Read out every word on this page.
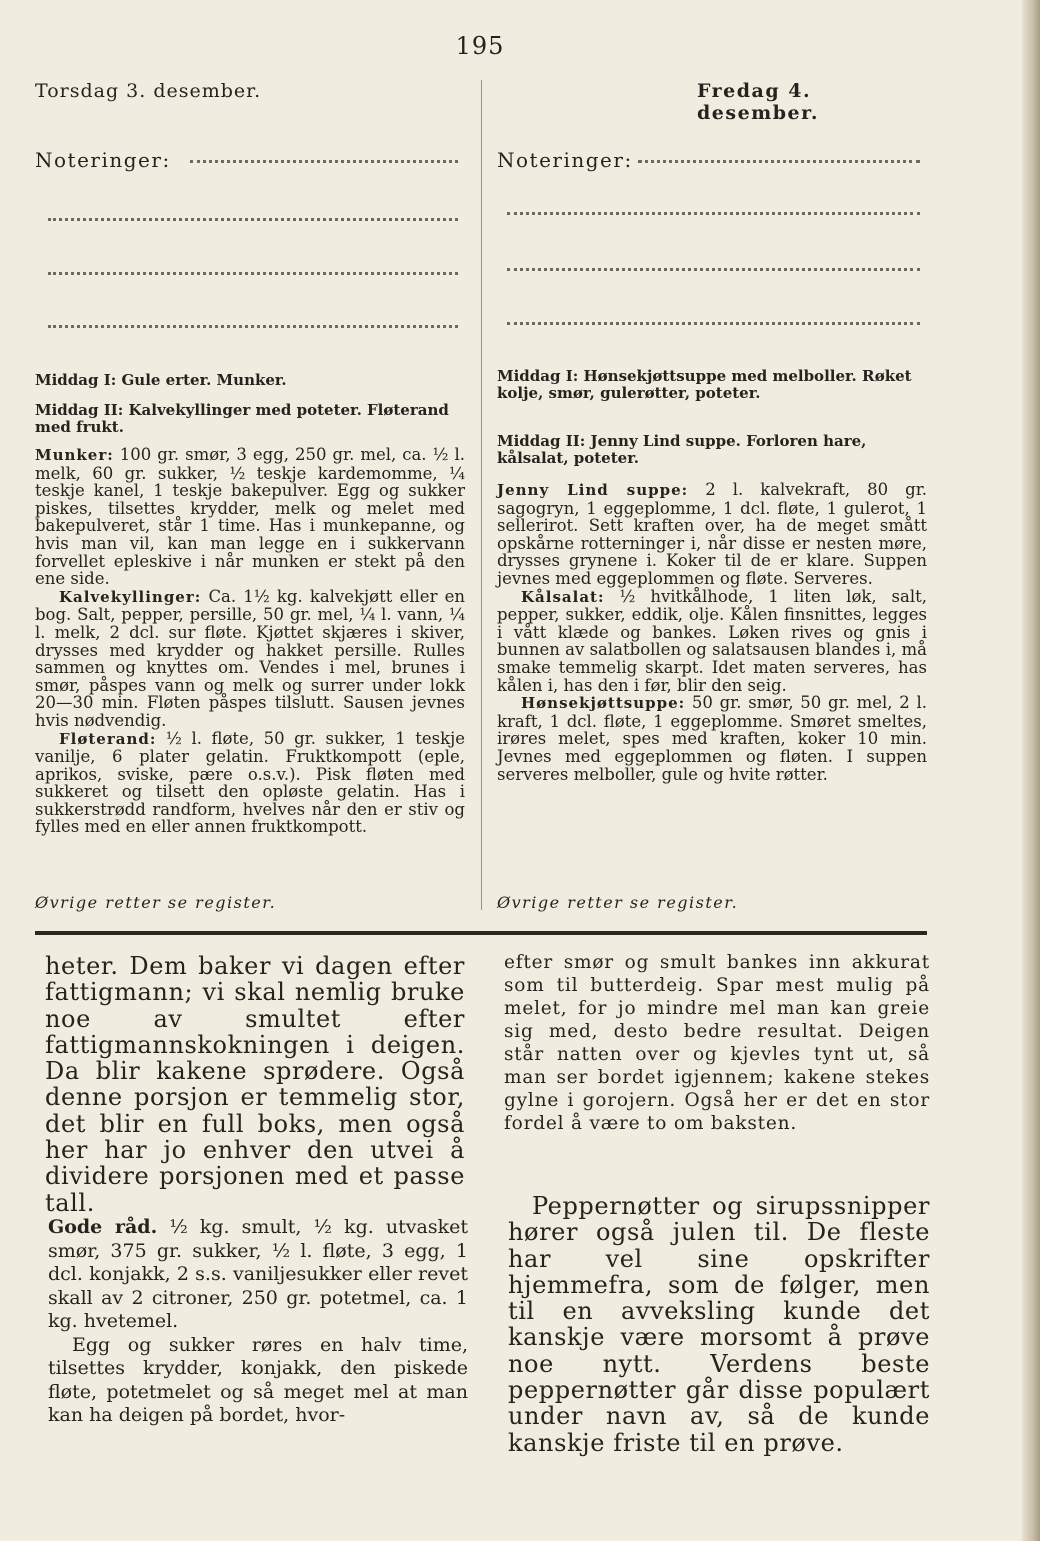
195
Torsdag 3. desember.	Fredag 4. desember.
Noteringer:	Noteringer:
Middag I: Gule erter. Munker.
Middag II: Kalvekyllinger med poteter. Fløterand med frukt.

Munker: 100 gr. smør, 3 egg, 250 gr. mel, ca. ½ l. melk, 60 gr. sukker, ½ teskje kardemomme, ¼ teskje kanel, 1 teskje bakepulver. Egg og sukker piskes, tilsettes krydder, melk og melet med bakepulveret, står 1 time. Has i munkepanne, og hvis man vil, kan man legge en i sukkervann forvellet epleskive i når munken er stekt på den ene side.

Kalvekyllinger: Ca. 1½ kg. kalvekjøtt eller en bog. Salt, pepper, persille, 50 gr. mel, ¼ l. vann, ¼ l. melk, 2 dcl. sur fløte. Kjøttet skjæres i skiver, drysses med krydder og hakket persille. Rulles sammen og knyttes om. Vendes i mel, brunes i smør, påspes vann og melk og surrer under lokk 20—30 min. Fløten påspes tilslutt. Sausen jevnes hvis nødvendig.

Fløterand: ½ l. fløte, 50 gr. sukker, 1 teskje vanilje, 6 plater gelatin. Fruktkompott (eple, aprikos, sviske, pære o.s.v.). Pisk fløten med sukkeret og tilsett den opløste gelatin. Has i sukkerstrødd randform, hvelves når den er stiv og fylles med en eller annen fruktkompott.

Øvrige retter se register.
Middag I: Hønsekjøttsuppe med melboller. Røket kolje, smør, gulerøtter, poteter.
Middag II: Jenny Lind suppe. Forloren hare, kålsalat, poteter.

Jenny Lind suppe: 2 l. kalvekraft, 80 gr. sagogryn, 1 eggeplomme, 1 dcl. fløte, 1 gulerot, 1 sellerirot. Sett kraften over, ha de meget smått opskårne rotterninger i, når disse er nesten møre, drysses grynene i. Koker til de er klare. Suppen jevnes med eggeplommen og fløte. Serveres.

Kålsalat: ½ hvitkålhode, 1 liten løk, salt, pepper, sukker, eddik, olje. Kålen finsnittes, legges i vått klæde og bankes. Løken rives og gnis i bunnen av salatbollen og salatsausen blandes i, må smake temmelig skarpt. Idet maten serveres, has kålen i, has den i før, blir den seig.

Hønsekjøttsuppe: 50 gr. smør, 50 gr. mel, 2 l. kraft, 1 dcl. fløte, 1 eggeplomme. Smøret smeltes, irøres melet, spes med kraften, koker 10 min. Jevnes med eggeplommen og fløten. I suppen serveres melboller, gule og hvite røtter.

Øvrige retter se register.
heter. Dem baker vi dagen efter fattigmann; vi skal nemlig bruke noe av smultet efter fattigmannskokningen i deigen. Da blir kakene sprødere. Også denne porsjon er temmelig stor, det blir en full boks, men også her har jo enhver den utvei å dividere porsjonen med et passe tall.

Gode råd. ½ kg. smult, ½ kg. utvasket smør, 375 gr. sukker, ½ l. fløte, 3 egg, 1 dcl. konjakk, 2 s.s. vaniljesukker eller revet skall av 2 citroner, 250 gr. potetmel, ca. 1 kg. hvetemel.

Egg og sukker røres en halv time, tilsettes krydder, konjakk, den piskede fløte, potetmelet og så meget mel at man kan ha deigen på bordet, hvor-

efter smør og smult bankes inn akkurat som til butterdeig. Spar mest mulig på melet, for jo mindre mel man kan greie sig med, desto bedre resultat. Deigen står natten over og kjevles tynt ut, så man ser bordet igjennem; kakene stekes gylne i gorojern. Også her er det en stor fordel å være to om baksten.
Peppernøtter og sirupssnipper hører også julen til. De fleste har vel sine opskrifter hjemmefra, som de følger, men til en avveksling kunde det kanskje være morsomt å prøve noe nytt. Verdens beste peppernøtter går disse populært under navn av, så de kunde kanskje friste til en prøve.
